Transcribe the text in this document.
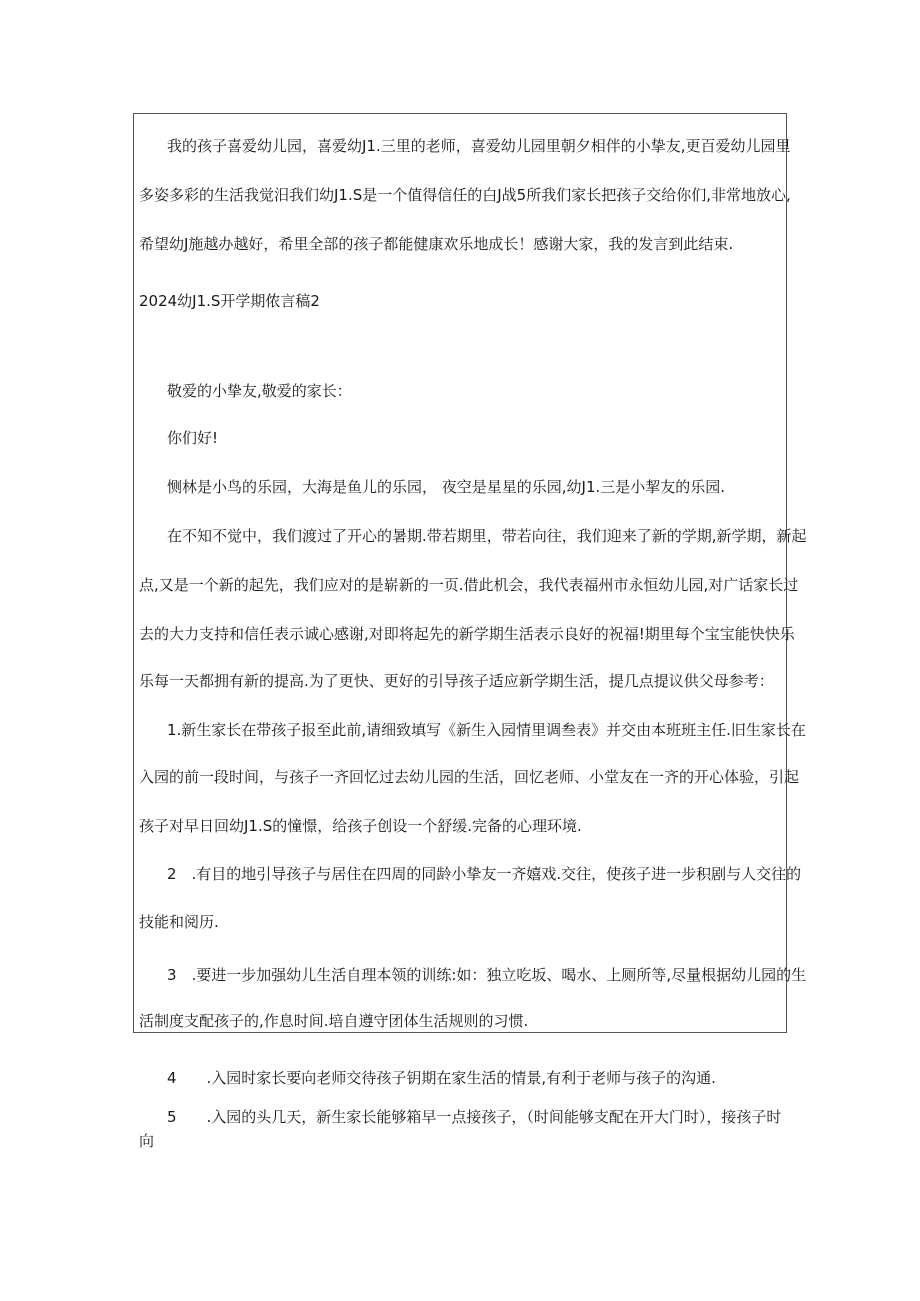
我的孩子喜爱幼儿园，喜爱幼J1.三里的老师，喜爱幼儿园里朝夕相伴的小挚友,更百爱幼儿园里
多姿多彩的生活我觉汨我们幼J1.S是一个值得信任的白J战5所我们家长把孩子交给你们,非常地放心,
希望幼J施越办越好，希里全部的孩子都能健康欢乐地成长！感谢大家，我的发言到此结束.
2024幼J1.S开学期侬言稿2
敬爱的小挚友,敬爱的家长：
你们好!
恻林是小鸟的乐园，大海是鱼儿的乐园， 夜空是星星的乐园,幼J1.三是小挈友的乐园.
在不知不觉中，我们渡过了开心的暑期.带若期里，带若向往，我们迎来了新的学期,新学期，新起
点,又是一个新的起先，我们应对的是崭新的一页.借此机会，我代表福州市永恒幼儿园,对广话家长过
去的大力支持和信任表示诚心感谢,对即将起先的新学期生活表示良好的祝福!期里每个宝宝能快快乐
乐每一天都拥有新的提高.为了更快、更好的引导孩子适应新学期生活，提几点提议供父母参考：
1.新生家长在带孩子报至此前,请细致填写《新生入园情里调叁表》并交由本班班主任.旧生家长在
入园的前一段时间，与孩子一齐回忆过去幼儿园的生活，回忆老师、小堂友在一齐的开心体验，引起
孩子对早日回幼J1.S的憧憬，给孩子创设一个舒缓.完备的心理环境.
2　.有目的地引导孩子与居住在四周的同龄小挚友一齐嬉戏.交往，使孩子进一步积剧与人交往的
技能和阅历.
3　.要进一步加强幼儿生活自理本领的训练:如：独立吃坂、喝水、上厕所等,尽量根据幼儿园的生
活制度支配孩子的,作息时间.培自遵守团体生活规则的习惯.
4　　.入园时家长要向老师交待孩子钥期在家生活的情景,有利于老师与孩子的沟通.
5　　.入园的头几天，新生家长能够箱早一点接孩子，（时间能够支配在开大门时），接孩子时
向
